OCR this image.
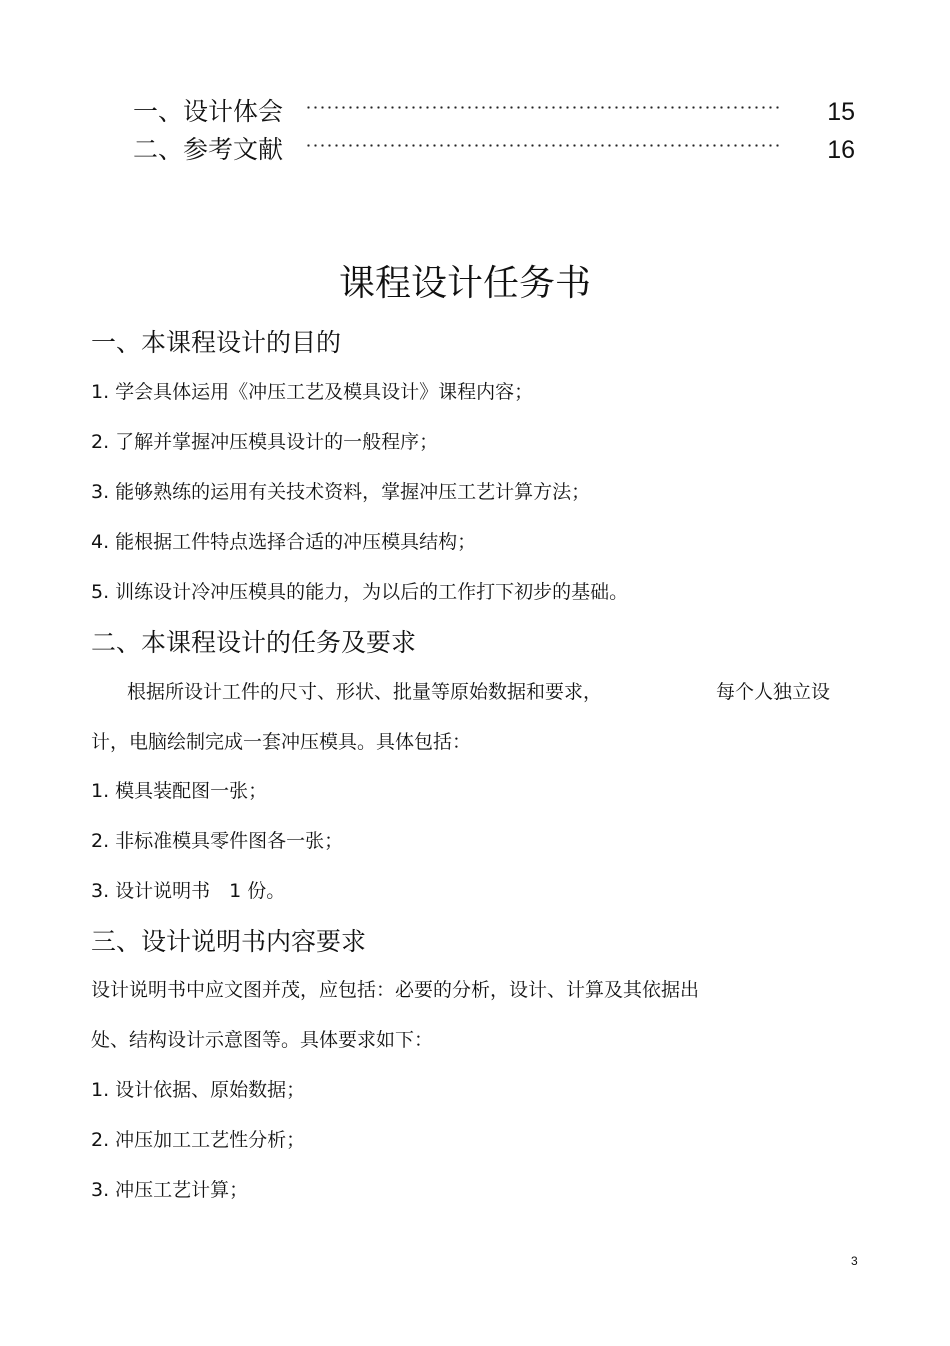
一、设计体会	15
二、参考文献	16
课程设计任务书
一、本课程设计的目的
1. 学会具体运用《冲压工艺及模具设计》课程内容；
2. 了解并掌握冲压模具设计的一般程序；
3. 能够熟练的运用有关技术资料，掌握冲压工艺计算方法；
4. 能根据工件特点选择合适的冲压模具结构；
5. 训练设计冷冲压模具的能力，为以后的工作打下初步的基础。
二、本课程设计的任务及要求
根据所设计工件的尺寸、形状、批量等原始数据和要求，	每个人独立设
计，电脑绘制完成一套冲压模具。具体包括：
1. 模具装配图一张；
2. 非标准模具零件图各一张；
3. 设计说明书　1 份。
三、设计说明书内容要求
设计说明书中应文图并茂，应包括：必要的分析，设计、计算及其依据出
处、结构设计示意图等。具体要求如下：
1. 设计依据、原始数据；
2. 冲压加工工艺性分析；
3. 冲压工艺计算；
3
